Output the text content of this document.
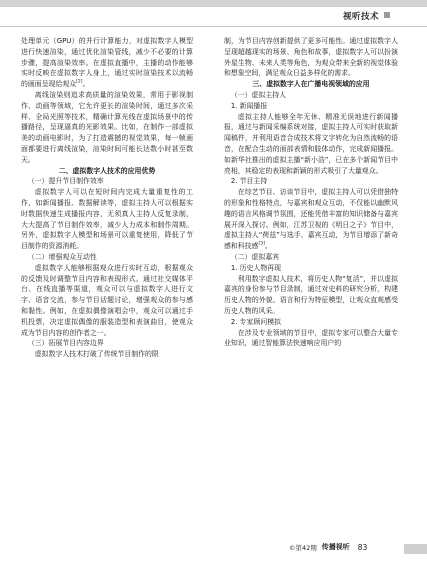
视听技术

处理单元（GPU）的并行计算能力，对虚拟数字人模型进行快速渲染，通过优化渲染管线，减少不必要的计算步骤，提高渲染效率。在虚拟直播中，主播的动作能够实时反映在虚拟数字人身上，通过实时渲染技术以流畅的画面呈现给观众[2]。

离线渲染则追求高质量的渲染效果，常用于影视制作、动画等领域，它允许更长的渲染时间，通过多次采样、全局光照等技术，精确计算光线在虚拟场景中的传播路径，呈现逼真的光影效果。比如，在制作一部虚拟美的动画电影时，为了打造震撼的视觉效果，每一帧画面都要进行离线渲染，渲染时间可能长达数小时甚至数天。

二、虚拟数字人技术的应用优势

（一）提升节目制作效率

虚拟数字人可以在短时间内完成大量重复性的工作，如新闻播报、数据解读等，虚拟主持人可以根据实时数据快速生成播报内容，无须真人主持人反复录制，大大提高了节目制作效率，减少人力成本和制作周期。另外，虚拟数字人模型和场景可以重复使用，降低了节目制作的资源消耗。

（二）增强观众互动性

虚拟数字人能够根据观众进行实时互动，根据观众的反馈及时调整节目内容和表现形式。通过社交媒体平台、在线直播等渠道，观众可以与虚拟数字人进行文字、语音交流，参与节目话题讨论，增强观众的参与感和黏性。例如，在虚拟偶像演唱会中，观众可以通过手机投票，决定虚拟偶像的服装造型和表演曲目，使观众成为节目内容的创作者之一。

（三）拓展节目内容边界

虚拟数字人技术打破了传统节目制作的限

制，为节目内容创新提供了更多可能性。通过虚拟数字人呈现超越现实的场景、角色和故事，虚拟数字人可以扮演外星生物、未来人类等角色，为观众带来全新的视觉体验和想象空间，满足观众日益多样化的需求。

三、虚拟数字人在广播电视领域的应用

（一）虚拟主持人

1. 新闻播报

虚拟主持人能够全年无休、精准无误地进行新闻播报，通过与新闻采编系统对接，虚拟主持人可实时获取新闻稿件，并利用语音合成技术将文字转化为自然流畅的语音，在配合生动的面部表情和肢体动作，完成新闻播报。如新华社推出的虚拟主播“新小浩”，已在多个新闻节目中亮相，其稳定的表现和新颖的形式吸引了大量观众。

2. 节目主持

在综艺节目、访谈节目中，虚拟主持人可以凭借独特的形象和性格特点，与嘉宾和观众互动，不仅能以幽默风趣的语言风格调节氛围，还能凭借丰富的知识储备与嘉宾展开深入探讨。例如，江苏卫视的《明日之子》节目中，虚拟主持人“荷兹”与选手、嘉宾互动，为节目增添了新奇感和科技感[3]。

（二）虚拟嘉宾

1. 历史人物再现

利用数字虚拟人技术，将历史人物“复活”，并以虚拟嘉宾的身份参与节目录制，通过对史料的研究分析，构建历史人物的外貌、语言和行为特征模型，让观众直观感受历史人物的风采。

2. 专家顾问模拟

在涉及专业领域的节目中，虚拟专家可以整合大量专业知识，通过智能算法快速响应用户的

©第42期 传播视听 83
